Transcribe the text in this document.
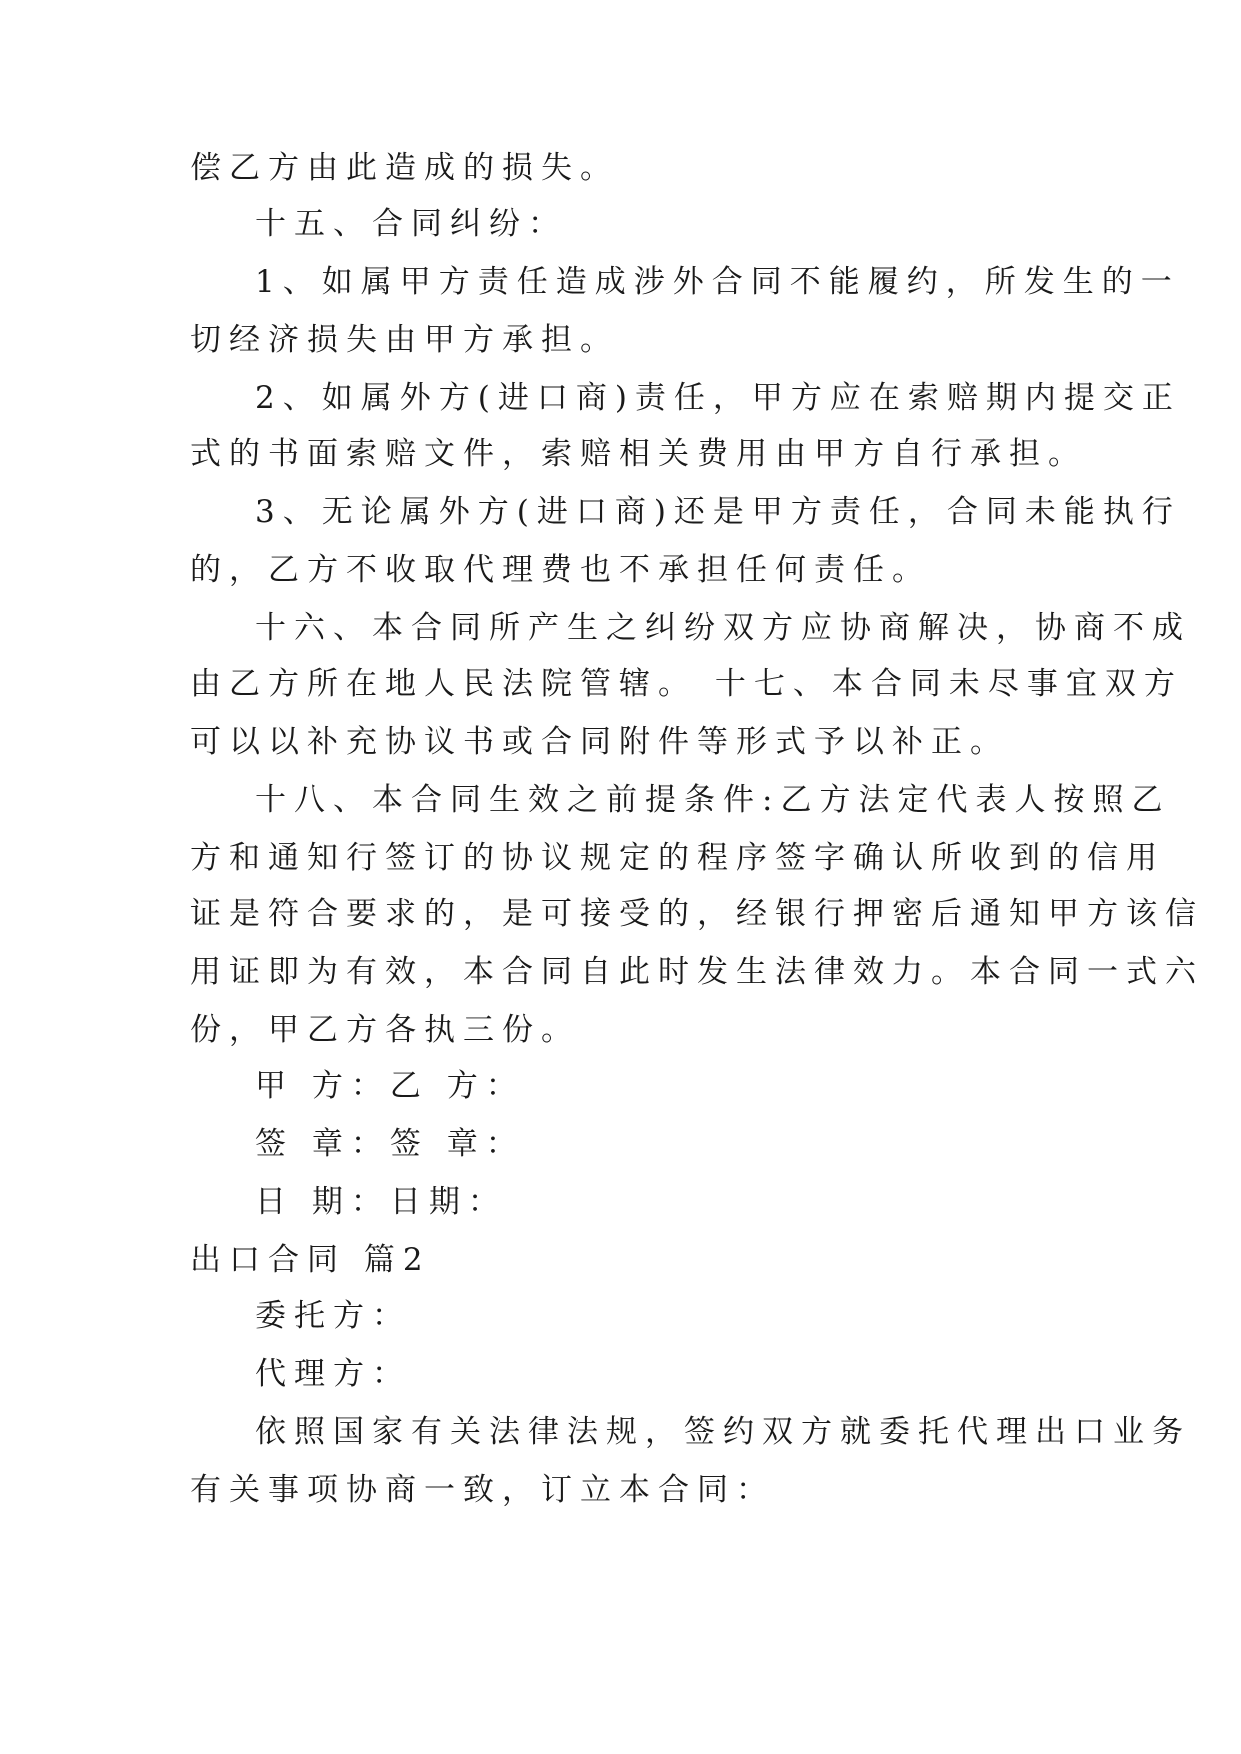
偿乙方由此造成的损失。

十五、合同纠纷：

1、如属甲方责任造成涉外合同不能履约，所发生的一

切经济损失由甲方承担。

2、如属外方(进口商)责任，甲方应在索赔期内提交正

式的书面索赔文件，索赔相关费用由甲方自行承担。

3、无论属外方(进口商)还是甲方责任，合同未能执行

的，乙方不收取代理费也不承担任何责任。

十六、本合同所产生之纠纷双方应协商解决，协商不成

由乙方所在地人民法院管辖。 十七、本合同未尽事宜双方

可以以补充协议书或合同附件等形式予以补正。

十八、本合同生效之前提条件:乙方法定代表人按照乙

方和通知行签订的协议规定的程序签字确认所收到的信用

证是符合要求的，是可接受的，经银行押密后通知甲方该信

用证即为有效，本合同自此时发生法律效力。本合同一式六

份，甲乙方各执三份。

甲 方：乙 方：

签 章：签 章：

日 期：日期：

出口合同 篇2

委托方：

代理方：

依照国家有关法律法规，签约双方就委托代理出口业务

有关事项协商一致，订立本合同：
